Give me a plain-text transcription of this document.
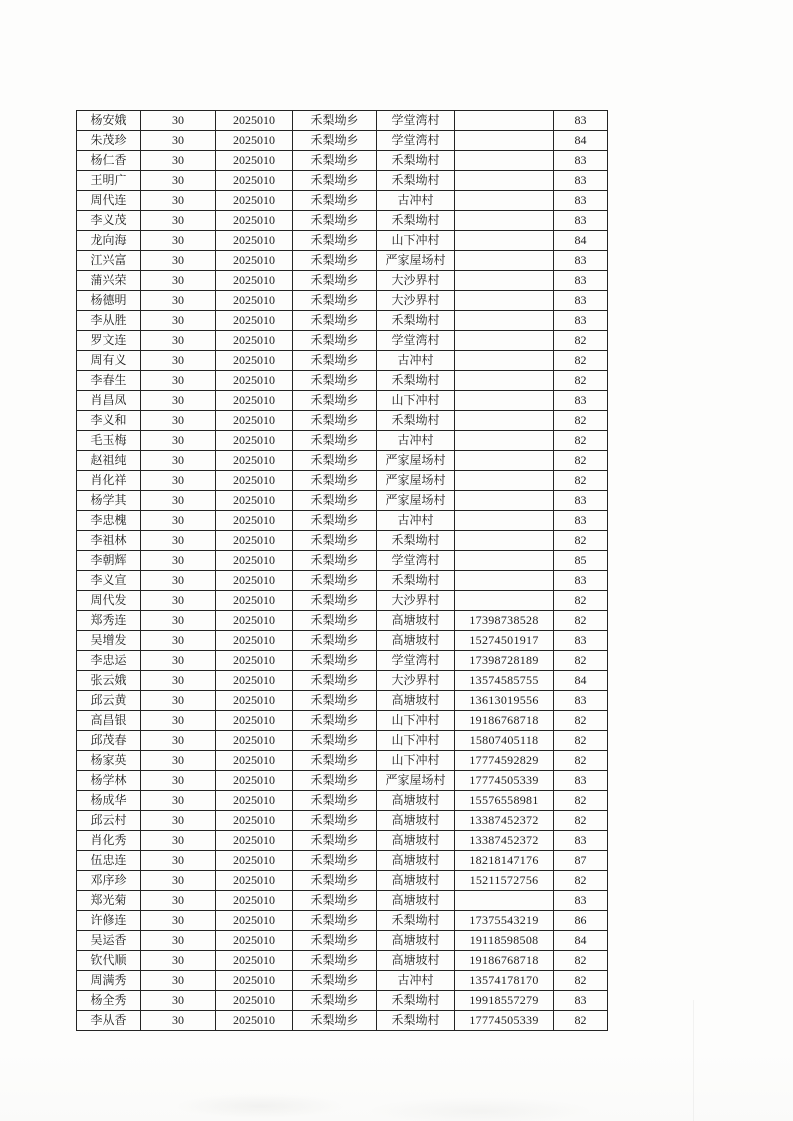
杨安娥	30	2025010	禾梨坳乡	学堂湾村		83
朱茂珍	30	2025010	禾梨坳乡	学堂湾村		84
杨仁香	30	2025010	禾梨坳乡	禾梨坳村		83
王明广	30	2025010	禾梨坳乡	禾梨坳村		83
周代连	30	2025010	禾梨坳乡	古冲村		83
李义茂	30	2025010	禾梨坳乡	禾梨坳村		83
龙向海	30	2025010	禾梨坳乡	山下冲村		84
江兴富	30	2025010	禾梨坳乡	严家屋场村		83
蒲兴荣	30	2025010	禾梨坳乡	大沙界村		83
杨德明	30	2025010	禾梨坳乡	大沙界村		83
李从胜	30	2025010	禾梨坳乡	禾梨坳村		83
罗文连	30	2025010	禾梨坳乡	学堂湾村		82
周有义	30	2025010	禾梨坳乡	古冲村		82
李春生	30	2025010	禾梨坳乡	禾梨坳村		82
肖昌凤	30	2025010	禾梨坳乡	山下冲村		83
李义和	30	2025010	禾梨坳乡	禾梨坳村		82
毛玉梅	30	2025010	禾梨坳乡	古冲村		82
赵祖纯	30	2025010	禾梨坳乡	严家屋场村		82
肖化祥	30	2025010	禾梨坳乡	严家屋场村		82
杨学其	30	2025010	禾梨坳乡	严家屋场村		83
李忠槐	30	2025010	禾梨坳乡	古冲村		83
李祖林	30	2025010	禾梨坳乡	禾梨坳村		82
李朝辉	30	2025010	禾梨坳乡	学堂湾村		85
李义宣	30	2025010	禾梨坳乡	禾梨坳村		83
周代发	30	2025010	禾梨坳乡	大沙界村		82
郑秀连	30	2025010	禾梨坳乡	高塘坡村	17398738528	82
吴增发	30	2025010	禾梨坳乡	高塘坡村	15274501917	83
李忠运	30	2025010	禾梨坳乡	学堂湾村	17398728189	82
张云娥	30	2025010	禾梨坳乡	大沙界村	13574585755	84
邱云黄	30	2025010	禾梨坳乡	高塘坡村	13613019556	83
高昌银	30	2025010	禾梨坳乡	山下冲村	19186768718	82
邱茂春	30	2025010	禾梨坳乡	山下冲村	15807405118	82
杨家英	30	2025010	禾梨坳乡	山下冲村	17774592829	82
杨学林	30	2025010	禾梨坳乡	严家屋场村	17774505339	83
杨成华	30	2025010	禾梨坳乡	高塘坡村	15576558981	82
邱云村	30	2025010	禾梨坳乡	高塘坡村	13387452372	82
肖化秀	30	2025010	禾梨坳乡	高塘坡村	13387452372	83
伍忠连	30	2025010	禾梨坳乡	高塘坡村	18218147176	87
邓序珍	30	2025010	禾梨坳乡	高塘坡村	15211572756	82
郑光菊	30	2025010	禾梨坳乡	高塘坡村		83
许修连	30	2025010	禾梨坳乡	禾梨坳村	17375543219	86
吴运香	30	2025010	禾梨坳乡	高塘坡村	19118598508	84
钦代顺	30	2025010	禾梨坳乡	高塘坡村	19186768718	82
周满秀	30	2025010	禾梨坳乡	古冲村	13574178170	82
杨全秀	30	2025010	禾梨坳乡	禾梨坳村	19918557279	83
李从香	30	2025010	禾梨坳乡	禾梨坳村	17774505339	82
